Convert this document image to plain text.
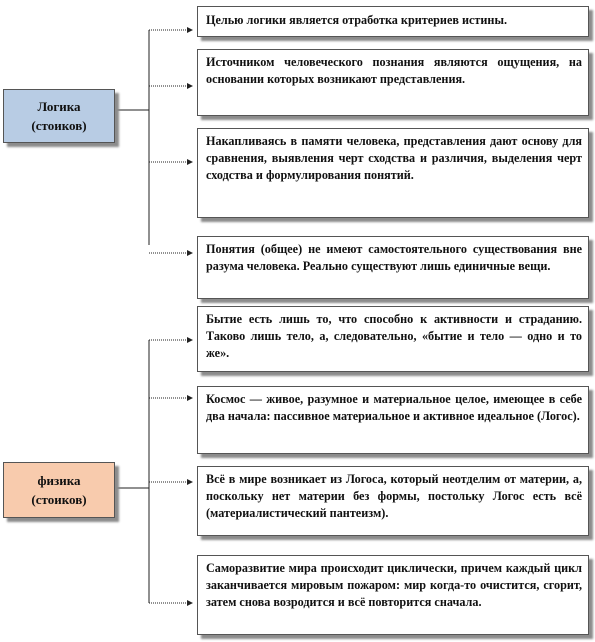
Логика
(стоиков)
физика
(стоиков)
Целью логики является отработка критериев истины.
Источником человеческого познания являются ощущения, на основании которых возникают представления.
Накапливаясь в памяти человека, представления дают основу для сравнения, выявления черт сходства и различия, выделения черт сходства и формулирования понятий.
Понятия (общее) не имеют самостоятельного существования вне разума человека. Реально существуют лишь единичные вещи.
Бытие есть лишь то, что способно к активности и страданию. Таково лишь тело, а, следовательно, «бытие и тело — одно и то же».
Космос — живое, разумное и материальное целое, имеющее в себе два начала: пассивное материальное и активное идеальное (Логос).
Всё в мире возникает из Логоса, который неотделим от материи, а, поскольку нет материи без формы, постольку Логос есть всё (материалистический пантеизм).
Саморазвитие мира происходит циклически, причем каждый цикл заканчивается мировым пожаром: мир когда-то очистится, сгорит, затем снова возродится и всё повторится сначала.
